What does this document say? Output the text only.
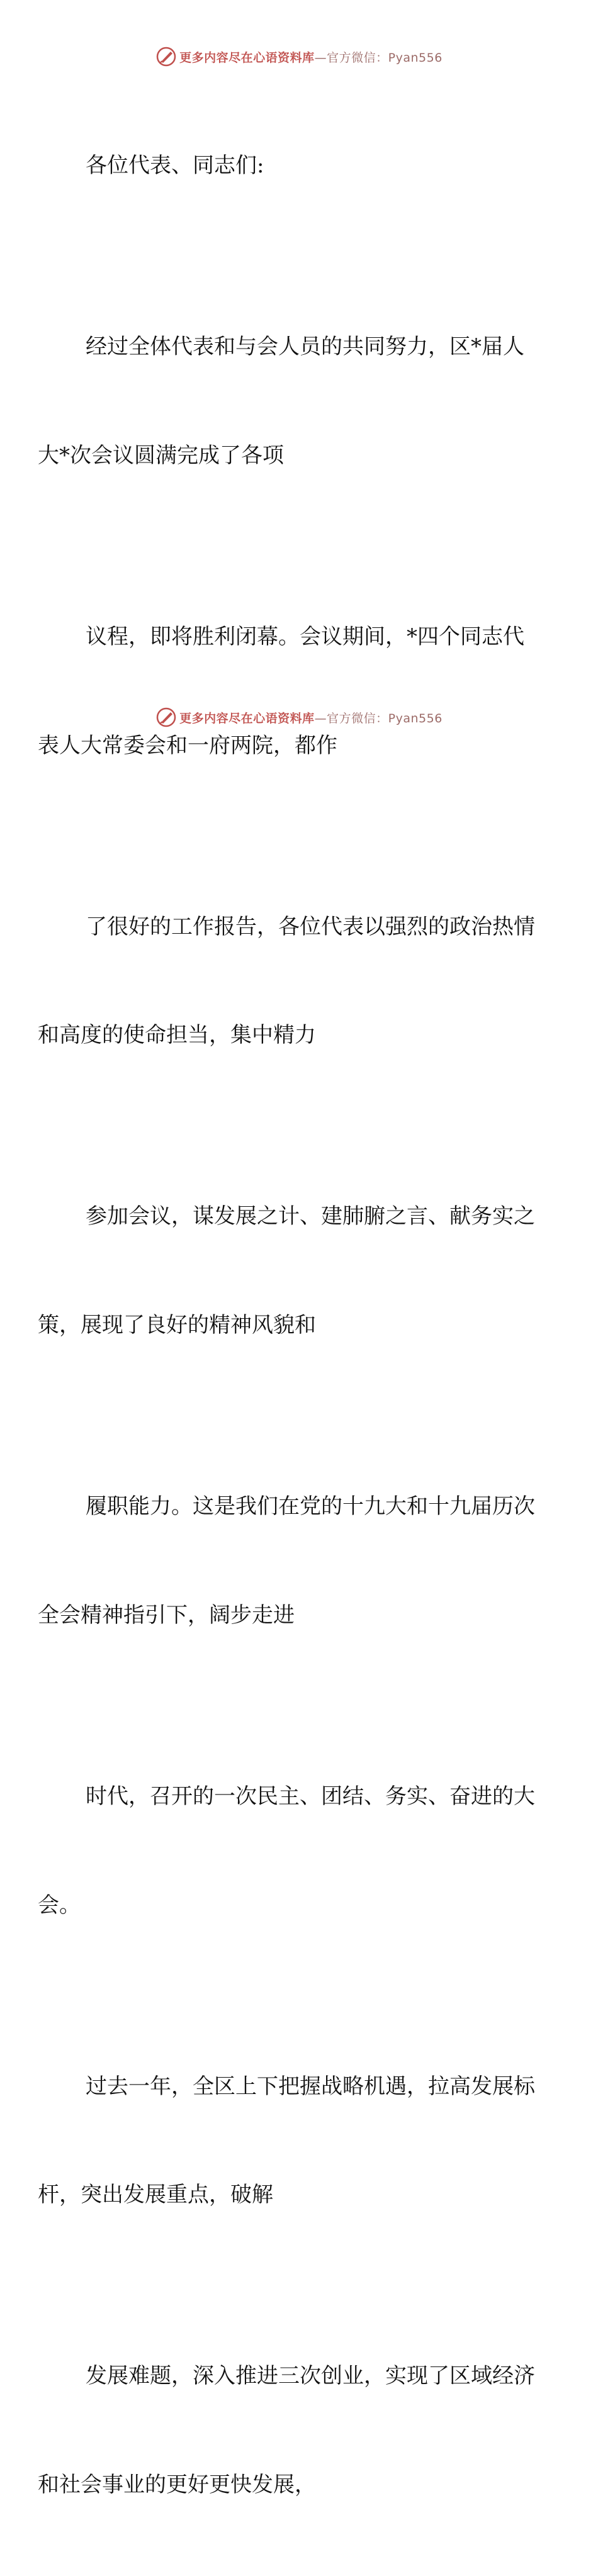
更多内容尽在心语资料库 —官方微信：Pyan556

各位代表、同志们:

经过全体代表和与会人员的共同努力，区*届人

大*次会议圆满完成了各项

议程，即将胜利闭幕。会议期间，*四个同志代

表人大常委会和一府两院，都作

了很好的工作报告，各位代表以强烈的政治热情

和高度的使命担当，集中精力

参加会议，谋发展之计、建肺腑之言、献务实之

策，展现了良好的精神风貌和

履职能力。这是我们在党的十九大和十九届历次

全会精神指引下，阔步走进

时代，召开的一次民主、团结、务实、奋进的大

会。

过去一年，全区上下把握战略机遇，拉高发展标

杆，突出发展重点，破解

发展难题，深入推进三次创业，实现了区域经济

和社会事业的更好更快发展，

更多内容尽在心语资料库 —官方微信：Pyan556
